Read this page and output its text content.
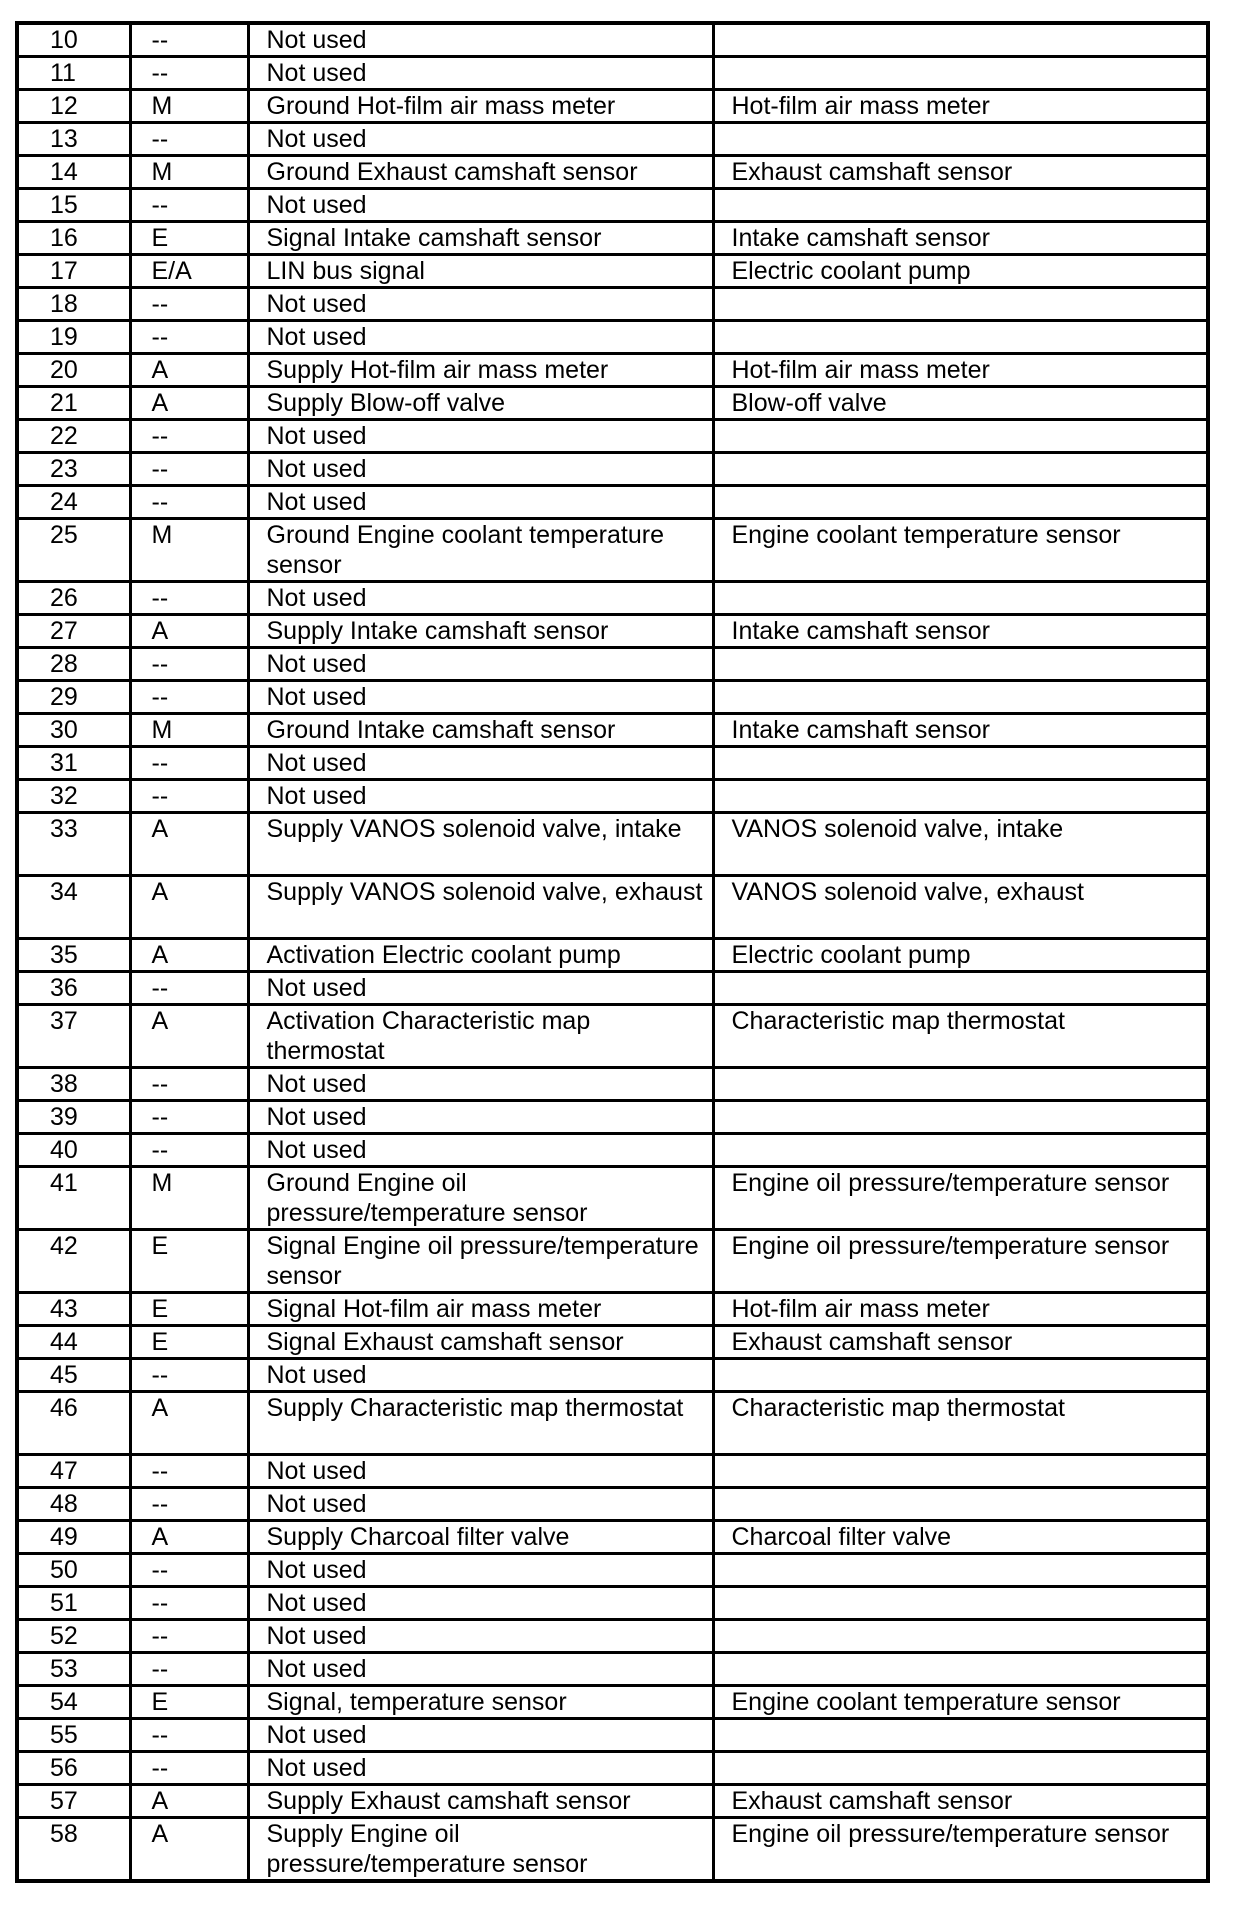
10	--	Not used	
11	--	Not used	
12	M	Ground Hot-film air mass meter	Hot-film air mass meter
13	--	Not used	
14	M	Ground Exhaust camshaft sensor	Exhaust camshaft sensor
15	--	Not used	
16	E	Signal Intake camshaft sensor	Intake camshaft sensor
17	E/A	LIN bus signal	Electric coolant pump
18	--	Not used	
19	--	Not used	
20	A	Supply Hot-film air mass meter	Hot-film air mass meter
21	A	Supply Blow-off valve	Blow-off valve
22	--	Not used	
23	--	Not used	
24	--	Not used	
25	M	Ground Engine coolant temperature sensor	Engine coolant temperature sensor
26	--	Not used	
27	A	Supply Intake camshaft sensor	Intake camshaft sensor
28	--	Not used	
29	--	Not used	
30	M	Ground Intake camshaft sensor	Intake camshaft sensor
31	--	Not used	
32	--	Not used	
33	A	Supply VANOS solenoid valve, intake	VANOS solenoid valve, intake
34	A	Supply VANOS solenoid valve, exhaust	VANOS solenoid valve, exhaust
35	A	Activation Electric coolant pump	Electric coolant pump
36	--	Not used	
37	A	Activation Characteristic map thermostat	Characteristic map thermostat
38	--	Not used	
39	--	Not used	
40	--	Not used	
41	M	Ground Engine oil pressure/temperature sensor	Engine oil pressure/temperature sensor
42	E	Signal Engine oil pressure/temperature sensor	Engine oil pressure/temperature sensor
43	E	Signal Hot-film air mass meter	Hot-film air mass meter
44	E	Signal Exhaust camshaft sensor	Exhaust camshaft sensor
45	--	Not used	
46	A	Supply Characteristic map thermostat	Characteristic map thermostat
47	--	Not used	
48	--	Not used	
49	A	Supply Charcoal filter valve	Charcoal filter valve
50	--	Not used	
51	--	Not used	
52	--	Not used	
53	--	Not used	
54	E	Signal, temperature sensor	Engine coolant temperature sensor
55	--	Not used	
56	--	Not used	
57	A	Supply Exhaust camshaft sensor	Exhaust camshaft sensor
58	A	Supply Engine oil pressure/temperature sensor	Engine oil pressure/temperature sensor
